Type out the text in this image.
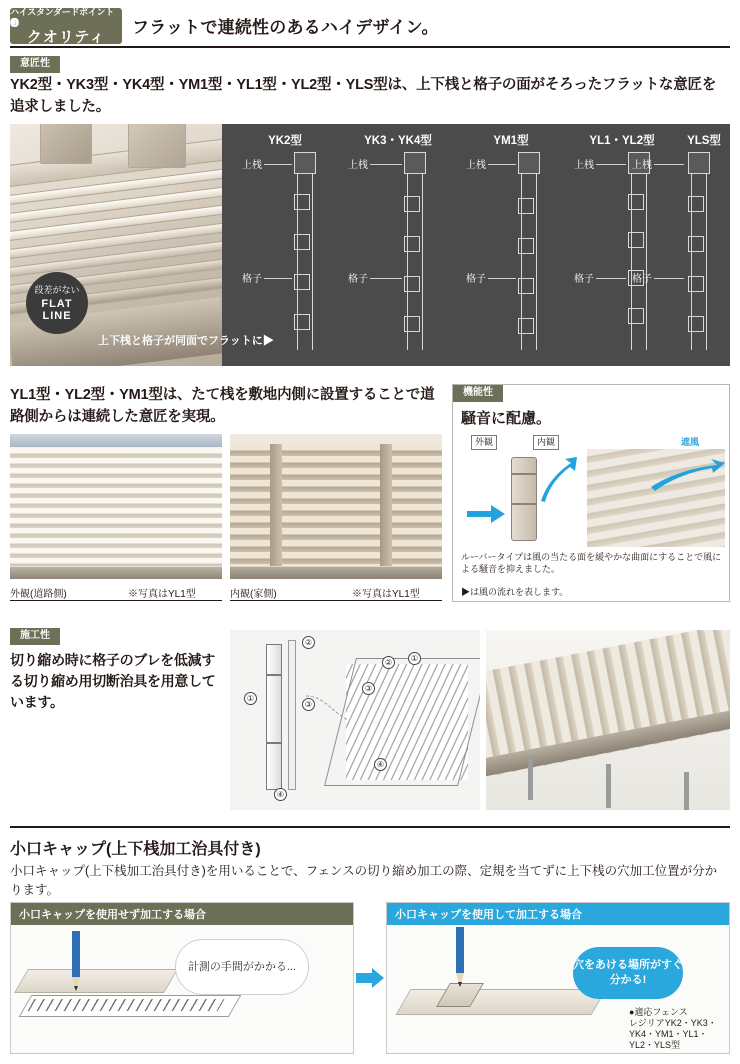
ハイスタンダードポイント❸
クオリティ
フラットで連続性のあるハイデザイン。
意匠性
YK2型・YK3型・YK4型・YM1型・YL1型・YL2型・YLS型は、上下桟と格子の面がそろったフラットな意匠を追求しました。
段差がない
FLAT
LINE
上下桟と格子が同面でフラットに▶
YK2型
上桟
格子
YK3・YK4型
上桟
格子
YM1型
上桟
格子
YL1・YL2型
上桟
格子
YLS型
上桟
格子
YL1型・YL2型・YM1型は、たて桟を敷地内側に設置することで道路側からは連続した意匠を実現。
外観(道路側)	※写真はYL1型	内観(家側)	※写真はYL1型
機能性
騒音に配慮。
外観	内観	遮風
ルーバータイプは風の当たる面を緩やかな曲面にすることで風による騒音を抑えました。
▶は風の流れを表します。
施工性
切り縮め時に格子のブレを低減する切り縮め用切断治具を用意しています。	①
②
③
④
②	①
③
④
小口キャップ(上下桟加工治具付き)
小口キャップ(上下桟加工治具付き)を用いることで、フェンスの切り縮め加工の際、定規を当てずに上下桟の穴加工位置が分かります。
小口キャップを使用せず加工する場合
計測の手間がかかる...
小口キャップを使用して加工する場合
穴をあける場所がすぐ分かる!
●適応フェンス
レジリアYK2・YK3・YK4・YM1・YL1・YL2・YLS型
